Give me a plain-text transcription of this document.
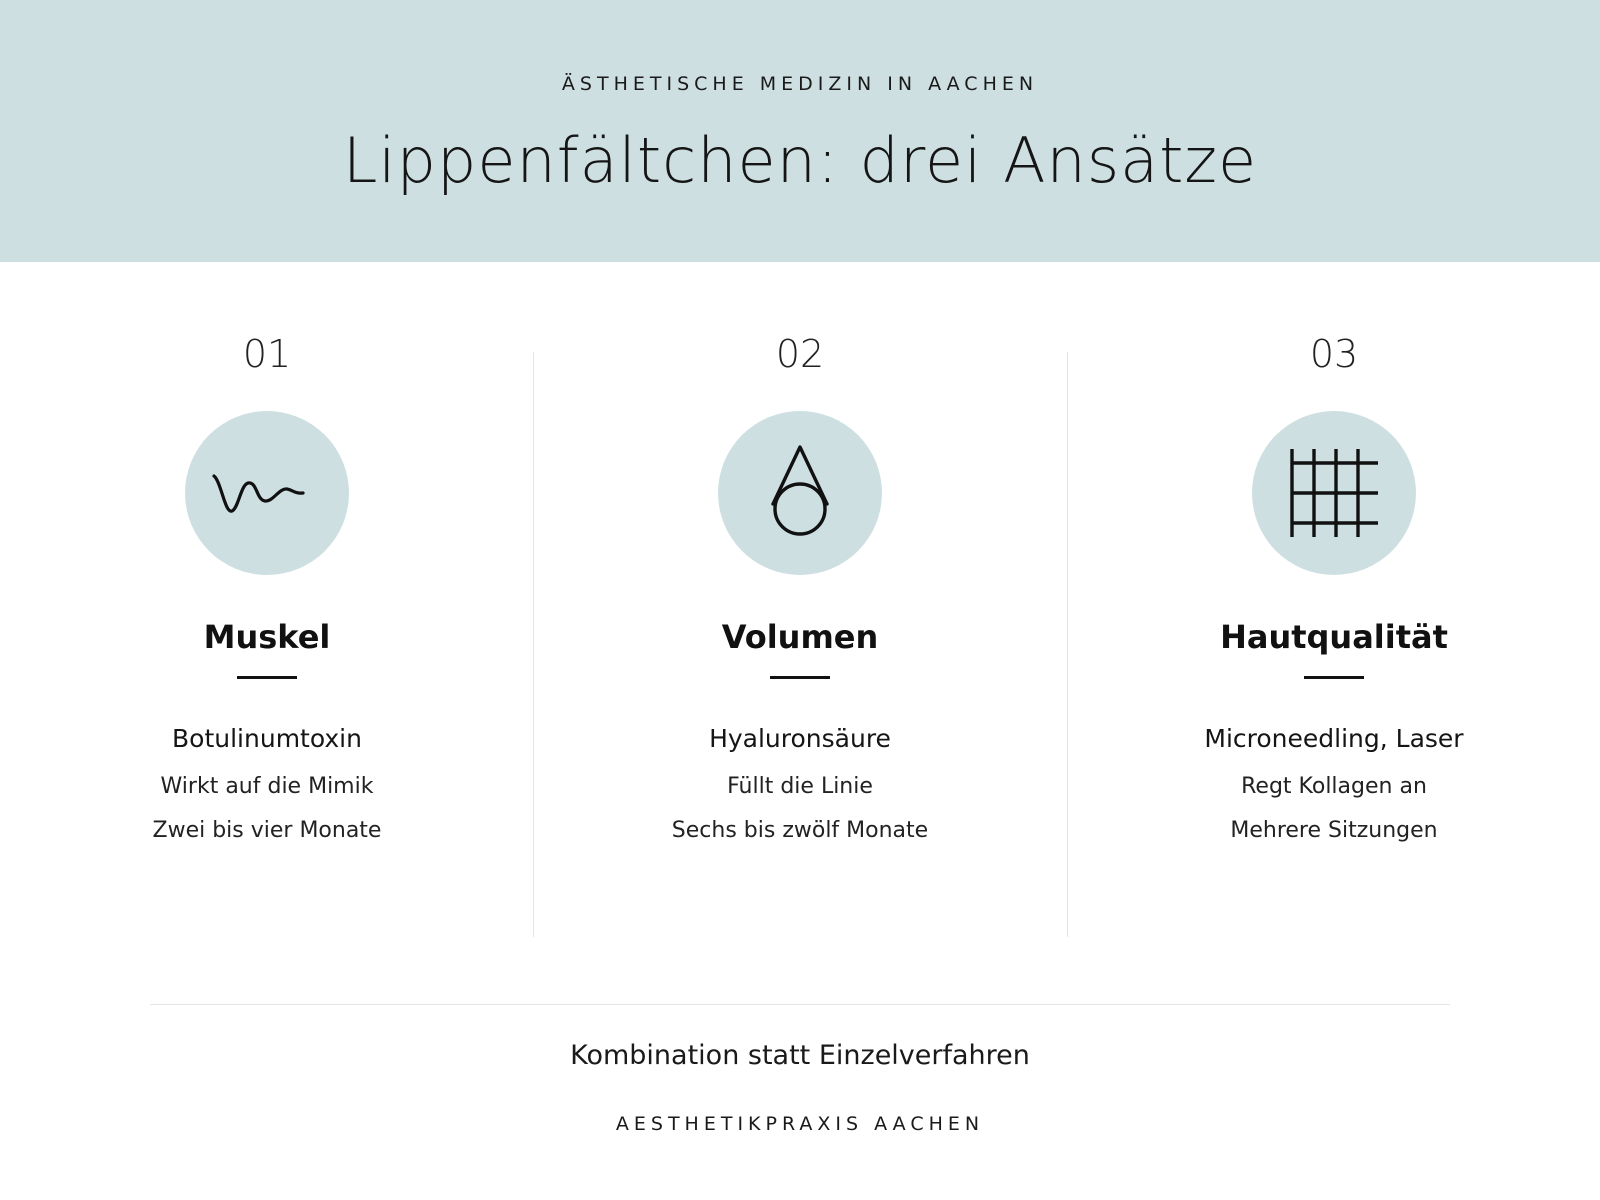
ÄSTHETISCHE MEDIZIN IN AACHEN
Lippenfältchen: drei Ansätze
01
Muskel
Botulinumtoxin
Wirkt auf die Mimik
Zwei bis vier Monate
02
Volumen
Hyaluronsäure
Füllt die Linie
Sechs bis zwölf Monate
03
Hautqualität
Microneedling, Laser
Regt Kollagen an
Mehrere Sitzungen
Kombination statt Einzelverfahren
AESTHETIKPRAXIS AACHEN
